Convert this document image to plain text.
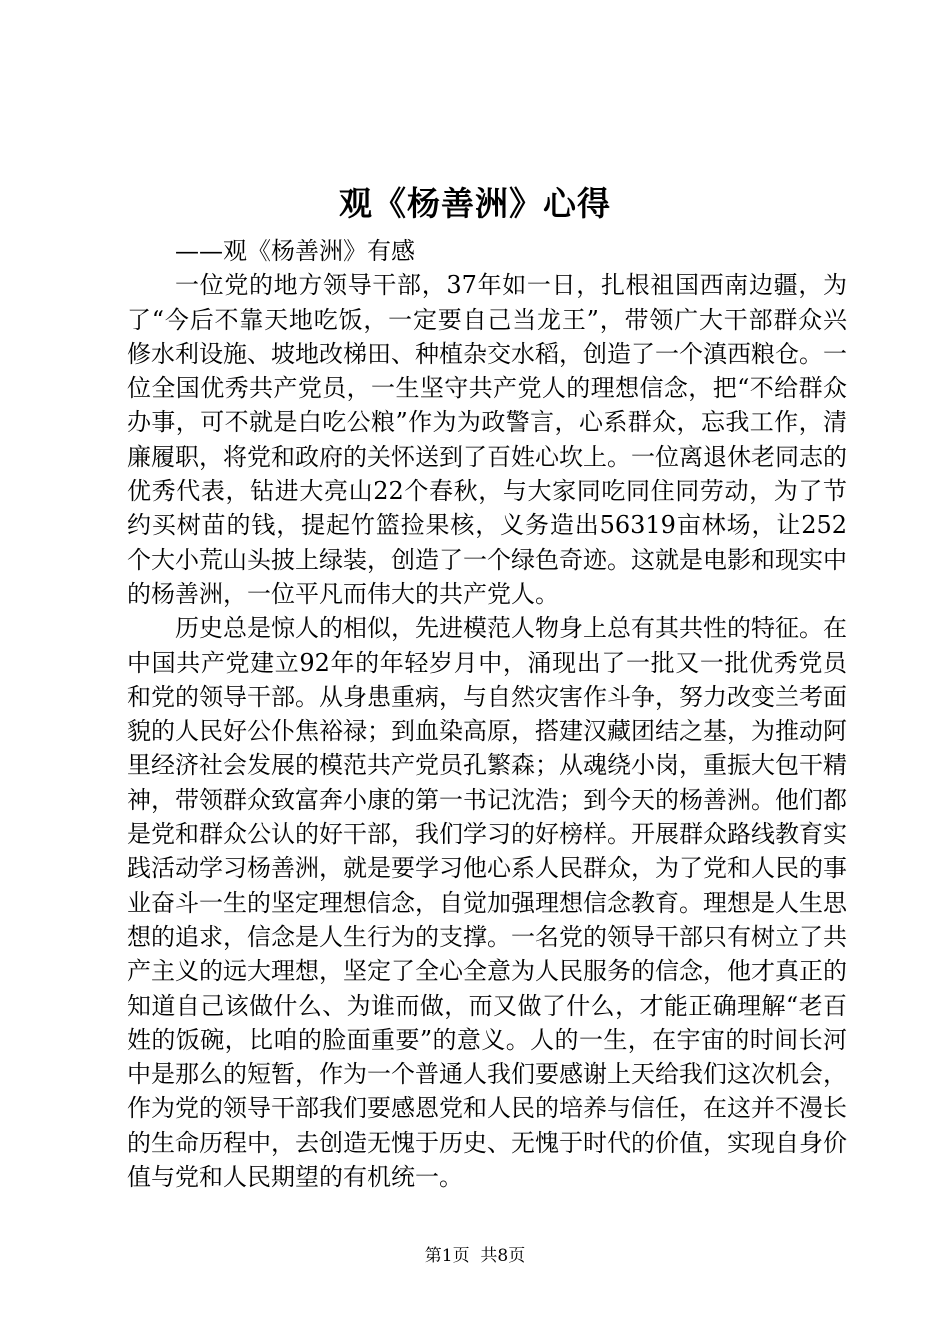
观《杨善洲》心得

——观《杨善洲》有感

一位党的地方领导干部，37年如一日，扎根祖国西南边疆，为了“今后不靠天地吃饭，一定要自己当龙王”，带领广大干部群众兴修水利设施、坡地改梯田、种植杂交水稻，创造了一个滇西粮仓。一位全国优秀共产党员，一生坚守共产党人的理想信念，把“不给群众办事，可不就是白吃公粮”作为为政警言，心系群众，忘我工作，清廉履职，将党和政府的关怀送到了百姓心坎上。一位离退休老同志的优秀代表，钻进大亮山22个春秋，与大家同吃同住同劳动，为了节约买树苗的钱，提起竹篮捡果核，义务造出56319亩林场，让252个大小荒山头披上绿装，创造了一个绿色奇迹。这就是电影和现实中的杨善洲，一位平凡而伟大的共产党人。

历史总是惊人的相似，先进模范人物身上总有其共性的特征。在中国共产党建立92年的年轻岁月中，涌现出了一批又一批优秀党员和党的领导干部。从身患重病，与自然灾害作斗争，努力改变兰考面貌的人民好公仆焦裕禄；到血染高原，搭建汉藏团结之基，为推动阿里经济社会发展的模范共产党员孔繁森；从魂绕小岗，重振大包干精神，带领群众致富奔小康的第一书记沈浩；到今天的杨善洲。他们都是党和群众公认的好干部，我们学习的好榜样。开展群众路线教育实践活动学习杨善洲，就是要学习他心系人民群众，为了党和人民的事业奋斗一生的坚定理想信念，自觉加强理想信念教育。理想是人生思想的追求，信念是人生行为的支撑。一名党的领导干部只有树立了共产主义的远大理想，坚定了全心全意为人民服务的信念，他才真正的知道自己该做什么、为谁而做，而又做了什么，才能正确理解“老百姓的饭碗，比咱的脸面重要”的意义。人的一生，在宇宙的时间长河中是那么的短暂，作为一个普通人我们要感谢上天给我们这次机会，作为党的领导干部我们要感恩党和人民的培养与信任，在这并不漫长的生命历程中，去创造无愧于历史、无愧于时代的价值，实现自身价值与党和人民期望的有机统一。

第1页  共8页
